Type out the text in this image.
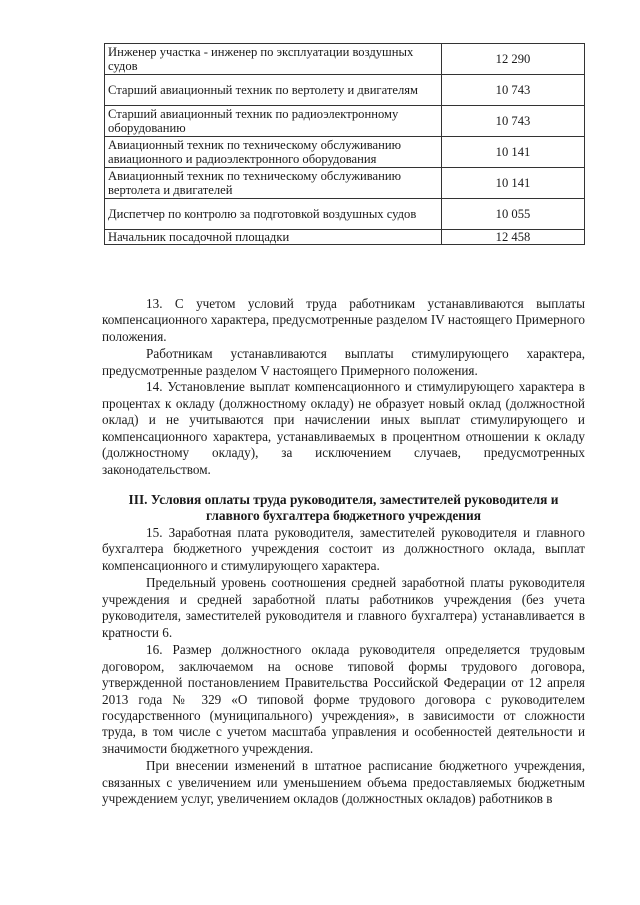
Инженер участка - инженер по эксплуатации воздушных судов	12 290
Старший авиационный техник по вертолету и двигателям	10 743
Старший авиационный техник по радиоэлектронному оборудованию	10 743
Авиационный техник по техническому обслуживанию авиационного и радиоэлектронного оборудования	10 141
Авиационный техник по техническому обслуживанию вертолета и двигателей	10 141
Диспетчер по контролю за подготовкой воздушных судов	10 055
Начальник посадочной площадки	12 458

13. С учетом условий труда работникам устанавливаются выплаты компенсационного характера, предусмотренные разделом IV настоящего Примерного положения.

Работникам устанавливаются выплаты стимулирующего характера, предусмотренные разделом V настоящего Примерного положения.

14. Установление выплат компенсационного и стимулирующего характера в процентах к окладу (должностному окладу) не образует новый оклад (должностной оклад) и не учитываются при начислении иных выплат стимулирующего и компенсационного характера, устанавливаемых в процентном отношении к окладу (должностному окладу), за исключением случаев, предусмотренных законодательством.

III. Условия оплаты труда руководителя, заместителей руководителя и главного бухгалтера бюджетного учреждения

15. Заработная плата руководителя, заместителей руководителя и главного бухгалтера бюджетного учреждения состоит из должностного оклада, выплат компенсационного и стимулирующего характера.

Предельный уровень соотношения средней заработной платы руководителя учреждения и средней заработной платы работников учреждения (без учета руководителя, заместителей руководителя и главного бухгалтера) устанавливается в кратности 6.

16. Размер должностного оклада руководителя определяется трудовым договором, заключаемом на основе типовой формы трудового договора, утвержденной постановлением Правительства Российской Федерации от 12 апреля 2013 года № 329 «О типовой форме трудового договора с руководителем государственного (муниципального) учреждения», в зависимости от сложности труда, в том числе с учетом масштаба управления и особенностей деятельности и значимости бюджетного учреждения.

При внесении изменений в штатное расписание бюджетного учреждения, связанных с увеличением или уменьшением объема предоставляемых бюджетным учреждением услуг, увеличением окладов (должностных окладов) работников в
